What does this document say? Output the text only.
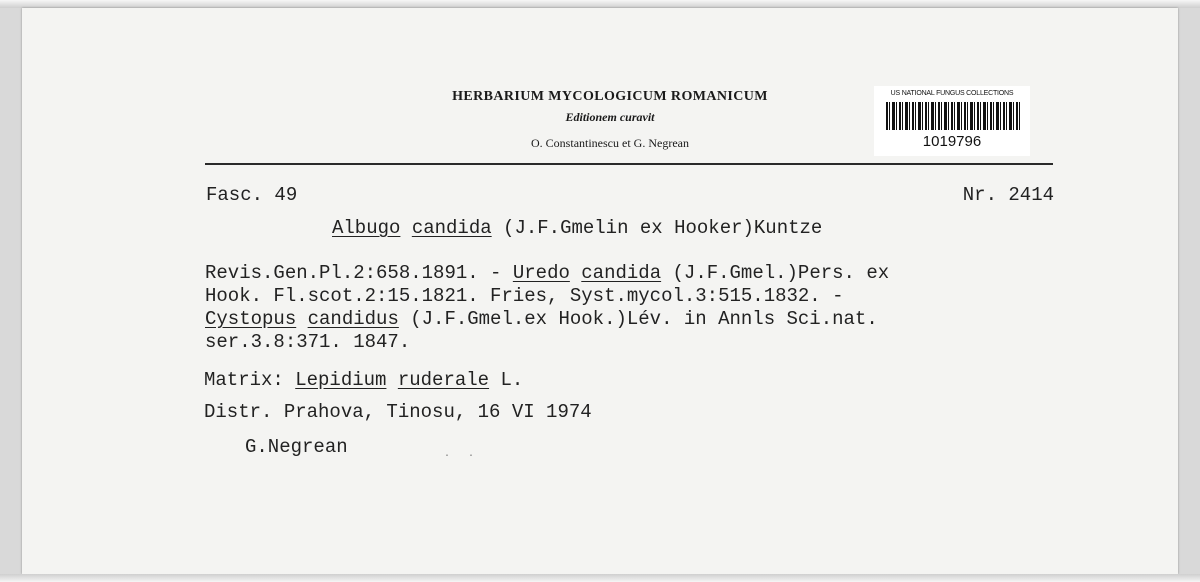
HERBARIUM MYCOLOGICUM ROMANICUM
Editionem curavit
O. Constantinescu et G. Negrean
US NATIONAL FUNGUS COLLECTIONS
1019796
Fasc. 49	Nr. 2414
Albugo candida (J.F.Gmelin ex Hooker)Kuntze
Revis.Gen.Pl.2:658.1891. - Uredo candida (J.F.Gmel.)Pers. ex
Hook. Fl.scot.2:15.1821. Fries, Syst.mycol.3:515.1832. -
Cystopus candidus (J.F.Gmel.ex Hook.)Lév. in Annls Sci.nat.
ser.3.8:371. 1847.
Matrix: Lepidium ruderale L.
Distr. Prahova, Tinosu, 16 VI 1974
G.Negrean	. .
